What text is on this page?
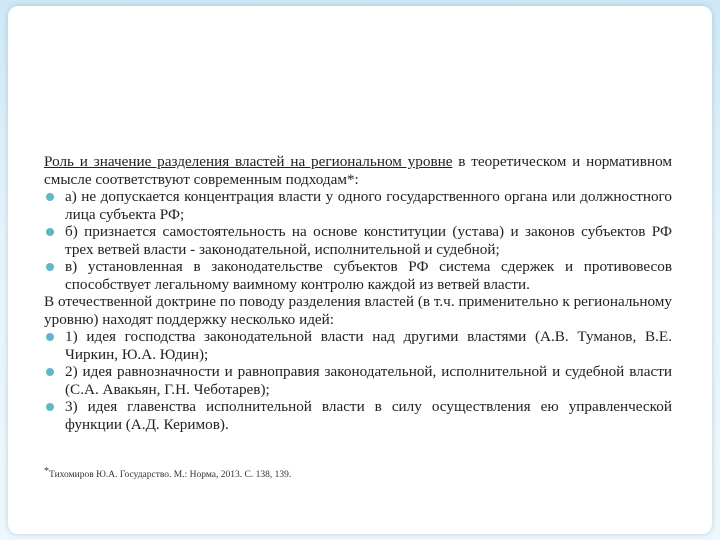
Роль и значение разделения властей на региональном уровне в теоретическом и нормативном смысле соответствуют современным подходам*:

а) не допускается концентрация власти у одного государственного органа или должностного лица субъекта РФ;

б) признается самостоятельность на основе конституции (устава) и законов субъектов РФ трех ветвей власти - законодательной, исполнительной и судебной;

в) установленная в законодательстве субъектов РФ система сдержек и противовесов способствует легальному ваимному контролю каждой из ветвей власти.

В отечественной доктрине по поводу разделения властей (в т.ч. применительно к региональному уровню) находят поддержку несколько идей:

1) идея господства законодательной власти над другими властями (А.В. Туманов, В.Е. Чиркин, Ю.А. Юдин);

2) идея равнозначности и равноправия законодательной, исполнительной и судебной власти (С.А. Авакьян, Г.Н. Чеботарев);

3) идея главенства исполнительной власти в силу осуществления ею управленческой функции (А.Д. Керимов).

*Тихомиров Ю.А. Государство. М.: Норма, 2013. С. 138, 139.
